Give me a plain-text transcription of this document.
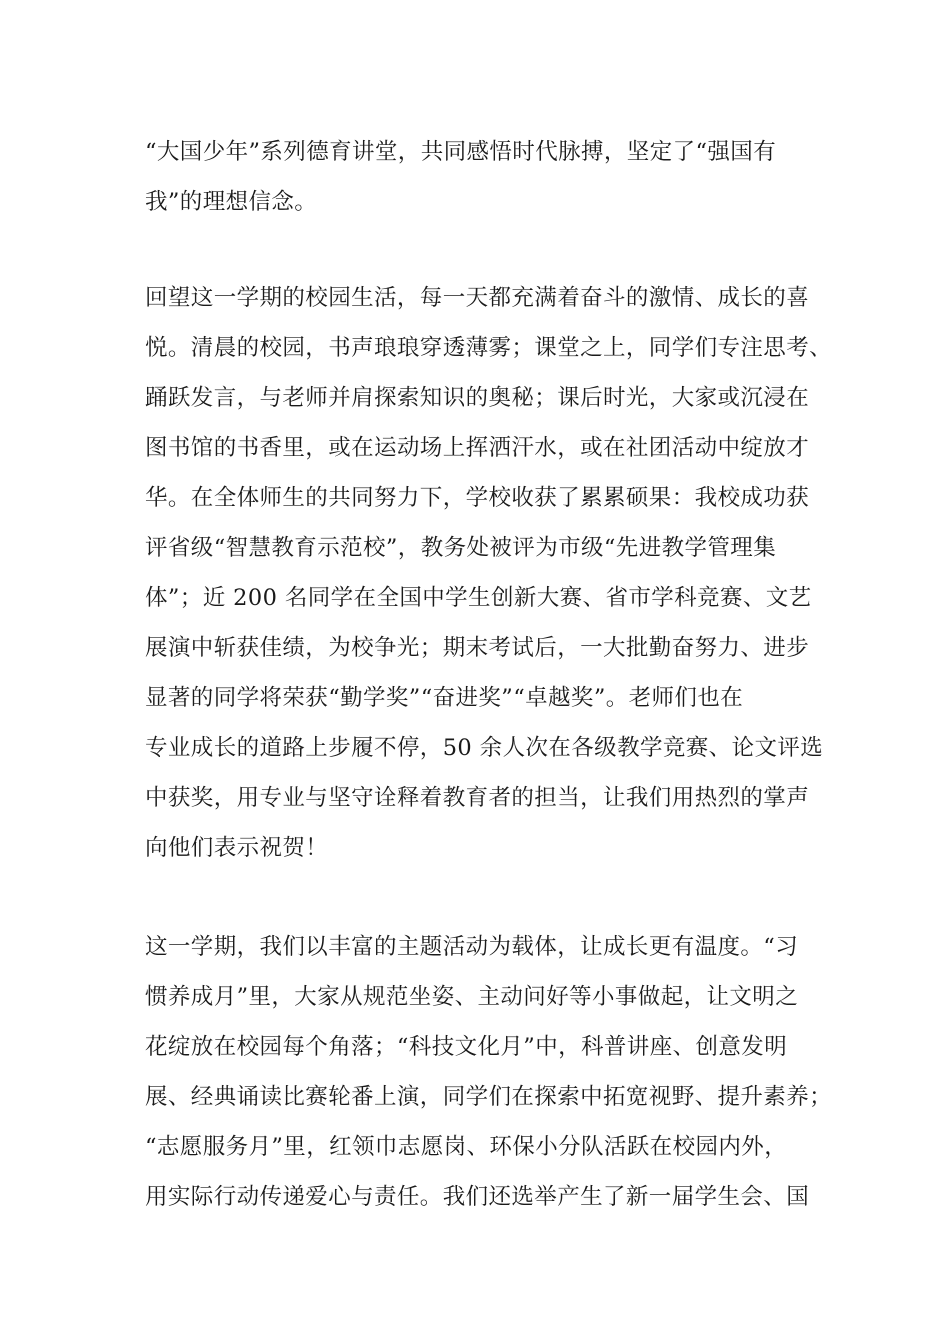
“大国少年”系列德育讲堂，共同感悟时代脉搏，坚定了“强国有
我”的理想信念。
回望这一学期的校园生活，每一天都充满着奋斗的激情、成长的喜
悦。清晨的校园，书声琅琅穿透薄雾；课堂之上，同学们专注思考、
踊跃发言，与老师并肩探索知识的奥秘；课后时光，大家或沉浸在
图书馆的书香里，或在运动场上挥洒汗水，或在社团活动中绽放才
华。在全体师生的共同努力下，学校收获了累累硕果：我校成功获
评省级“智慧教育示范校”，教务处被评为市级“先进教学管理集
体”；近 200 名同学在全国中学生创新大赛、省市学科竞赛、文艺
展演中斩获佳绩，为校争光；期末考试后，一大批勤奋努力、进步
显著的同学将荣获“勤学奖”“奋进奖”“卓越奖”。老师们也在
专业成长的道路上步履不停，50 余人次在各级教学竞赛、论文评选
中获奖，用专业与坚守诠释着教育者的担当，让我们用热烈的掌声
向他们表示祝贺！
这一学期，我们以丰富的主题活动为载体，让成长更有温度。“习
惯养成月”里，大家从规范坐姿、主动问好等小事做起，让文明之
花绽放在校园每个角落；“科技文化月”中，科普讲座、创意发明
展、经典诵读比赛轮番上演，同学们在探索中拓宽视野、提升素养；
“志愿服务月”里，红领巾志愿岗、环保小分队活跃在校园内外，
用实际行动传递爱心与责任。我们还选举产生了新一届学生会、国
